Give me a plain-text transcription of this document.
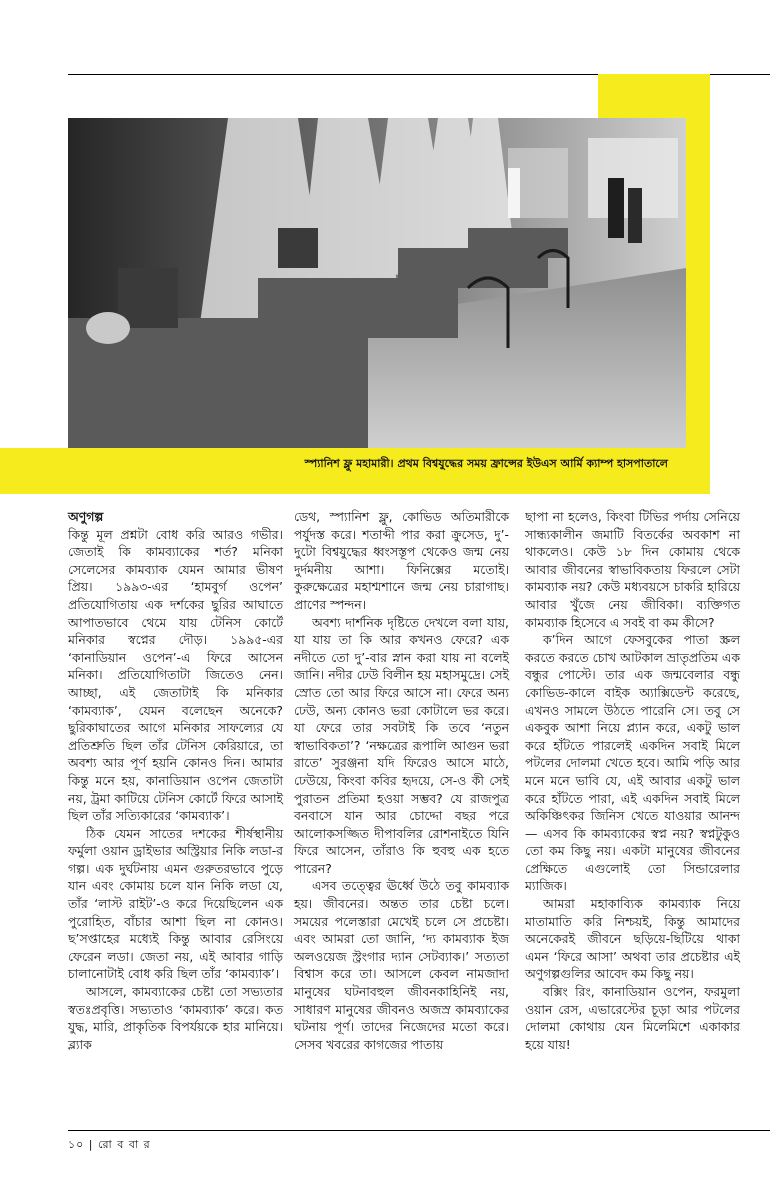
স্প্যানিশ ফ্লু মহামারী। প্রথম বিশ্বযুদ্ধের সময় ফ্রান্সের ইউএস আর্মি ক্যাম্প হাসপাতালে

অণুগল্প

কিন্তু মূল প্রশ্নটা বোধ করি আরও গভীর। জেতাই কি কামব্যাকের শর্ত? মনিকা সেলেসের কামব্যাক যেমন আমার ভীষণ প্রিয়। ১৯৯৩-এর ‘হামবুর্গ ওপেন’ প্রতিযোগিতায় এক দর্শকের ছুরির আঘাতে আপাতভাবে থেমে যায় টেনিস কোর্টে মনিকার স্বপ্নের দৌড়। ১৯৯৫-এর ‘কানাডিয়ান ওপেন’-এ ফিরে আসেন মনিকা। প্রতিযোগিতাটা জিতেও নেন। আচ্ছা, এই জেতাটাই কি মনিকার ‘কামব্যাক’, যেমন বলেছেন অনেকে? ছুরিকাঘাতের আগে মনিকার সাফল্যের যে প্রতিশ্রুতি ছিল তাঁর টেনিস কেরিয়ারে, তা অবশ্য আর পূর্ণ হয়নি কোনও দিন। আমার কিন্তু মনে হয়, কানাডিয়ান ওপেন জেতাটা নয়, ট্রমা কাটিয়ে টেনিস কোর্টে ফিরে আসাই ছিল তাঁর সত্যিকারের ‘কামব্যাক’।

ঠিক যেমন সাতের দশকের শীর্ষস্থানীয় ফর্মুলা ওয়ান ড্রাইভার অস্ট্রিয়ার নিকি লডা-র গল্প। এক দুর্ঘটনায় এমন গুরুতরভাবে পুড়ে যান এবং কোমায় চলে যান নিকি লডা যে, তাঁর ‘লাস্ট রাইট’-ও করে দিয়েছিলেন এক পুরোহিত, বাঁচার আশা ছিল না কোনও। ছ’সপ্তাহের মধ্যেই কিন্তু আবার রেসিংয়ে ফেরেন লডা। জেতা নয়, এই আবার গাড়ি চালানোটাই বোধ করি ছিল তাঁর ‘কামব্যাক’।

আসলে, কামব্যাকের চেষ্টা তো সভ্যতার স্বতঃপ্রবৃত্তি। সভ্যতাও ‘কামব্যাক’ করে। কত যুদ্ধ, মারি, প্রাকৃতিক বিপর্যয়কে হার মানিয়ে। ব্ল্যাক

ডেথ, স্প্যানিশ ফ্লু, কোভিড অতিমারীকে পর্যুদস্ত করে। শতাব্দী পার করা ক্রুসেড, দু’-দুটো বিশ্বযুদ্ধের ধ্বংসস্তূপ থেকেও জন্ম নেয় দুর্দমনীয় আশা। ফিনিক্সের মতোই। কুরুক্ষেত্রের মহাশ্মশানে জন্ম নেয় চারাগাছ। প্রাণের স্পন্দন।

অবশ্য দার্শনিক দৃষ্টিতে দেখলে বলা যায়, যা যায় তা কি আর কখনও ফেরে? এক নদীতে তো দু’-বার স্নান করা যায় না বলেই জানি। নদীর ঢেউ বিলীন হয় মহাসমুদ্রে। সেই স্রোত তো আর ফিরে আসে না। ফেরে অন্য ঢেউ, অন্য কোনও ভরা কোটালে ভর করে। যা ফেরে তার সবটাই কি তবে ‘নতুন স্বাভাবিকতা’? ‘নক্ষত্রের রূপালি আগুন ভরা রাতে’ সুরঞ্জনা যদি ফিরেও আসে মাঠে, ঢেউয়ে, কিংবা কবির হৃদয়ে, সে-ও কী সেই পুরাতন প্রতিমা হওয়া সম্ভব? যে রাজপুত্র বনবাসে যান আর চোদ্দো বছর পরে আলোকসজ্জিত দীপাবলির রোশনাইতে যিনি ফিরে আসেন, তাঁরাও কি হুবহু এক হতে পারেন?

এসব তত্ত্বের ঊর্ধ্বে উঠে তবু কামব্যাক হয়। জীবনের। অন্তত তার চেষ্টা চলে। সময়ের পলেস্তারা মেখেই চলে সে প্রচেষ্টা। এবং আমরা তো জানি, ‘দ্য কামব্যাক ইজ অলওয়েজ স্ট্রংগার দ্যান সেটব্যাক।’ সত্যতা বিশ্বাস করে তা। আসলে কেবল নামজাদা মানুষের ঘটনাবহুল জীবনকাহিনিই নয়, সাধারণ মানুষের জীবনও অজস্র কামব্যাকের ঘটনায় পূর্ণ। তাদের নিজেদের মতো করে। সেসব খবরের কাগজের পাতায়

ছাপা না হলেও, কিংবা টিভির পর্দায় সেনিয়ে সান্ধ্যকালীন জমাটি বিতর্কের অবকাশ না থাকলেও। কেউ ১৮ দিন কোমায় থেকে আবার জীবনের স্বাভাবিকতায় ফিরলে সেটা কামব্যাক নয়? কেউ মধ্যবয়সে চাকরি হারিয়ে আবার খুঁজে নেয় জীবিকা। ব্যক্তিগত কামব্যাক হিসেবে এ সবই বা কম কীসে?

ক’দিন আগে ফেসবুকের পাতা স্ক্রল করতে করতে চোখ আটকাল ভ্রাতৃপ্রতিম এক বন্ধুর পোস্টে। তার এক জন্মবেলার বন্ধু কোভিড-কালে বাইক অ্যাক্সিডেন্ট করেছে, এখনও সামলে উঠতে পারেনি সে। তবু সে একবুক আশা নিয়ে প্ল্যান করে, একটু ভাল করে হাঁটতে পারলেই একদিন সবাই মিলে পটলের দোলমা খেতে হবে। আমি পড়ি আর মনে মনে ভাবি যে, এই আবার একটু ভাল করে হাঁটতে পারা, এই একদিন সবাই মিলে অকিঞ্চিৎকর জিনিস খেতে যাওয়ার আনন্দ— এসব কি কামব্যাকের স্বপ্ন নয়? স্বপ্নটুকুও তো কম কিছু নয়। একটা মানুষের জীবনের প্রেক্ষিতে এগুলোই তো সিন্ডারেলার ম্যাজিক।

আমরা মহাকাব্যিক কামব্যাক নিয়ে মাতামাতি করি নিশ্চয়ই, কিন্তু আমাদের অনেকেরই জীবনে ছড়িয়ে-ছিটিয়ে থাকা এমন ‘ফিরে আসা’ অথবা তার প্রচেষ্টার এই অণুগল্পগুলির আবেদ কম কিছু নয়।

বক্সিং রিং, কানাডিয়ান ওপেন, ফরমুলা ওয়ান রেস, এভারেস্টের চূড়া আর পটলের দোলমা কোথায় যেন মিলেমিশে একাকার হয়ে যায়!

১০ | রো ব বা র
